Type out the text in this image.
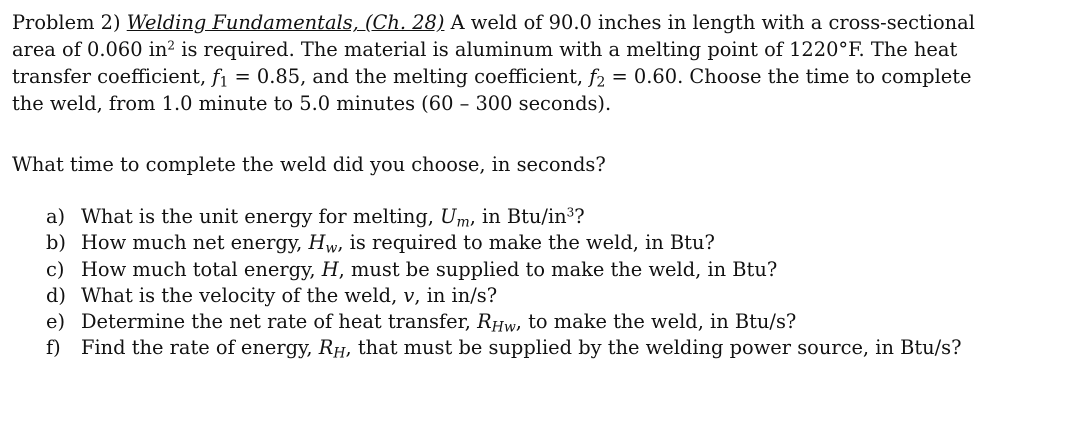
Problem 2) Welding Fundamentals, (Ch. 28) A weld of 90.0 inches in length with a cross-sectional
area of 0.060 $in^2$ is required. The material is aluminum with a melting point of 1220°F. The heat
transfer coefficient, $f_1 = 0.85$, and the melting coefficient, $f_2 = 0.60$. Choose the time to complete
the weld, from 1.0 minute to 5.0 minutes (60 – 300 seconds).
What time to complete the weld did you choose, in seconds?
a) What is the unit energy for melting, $U_m$, in Btu/$in^3$?
b) How much net energy, $H_w$, is required to make the weld, in Btu?
c) How much total energy, H, must be supplied to make the weld, in Btu?
d) What is the velocity of the weld, v, in in/s?
e) Determine the net rate of heat transfer, $R_{Hw}$, to make the weld, in Btu/s?
f)	Find the rate of energy, $R_H$, that must be supplied by the welding power source, in Btu/s?
